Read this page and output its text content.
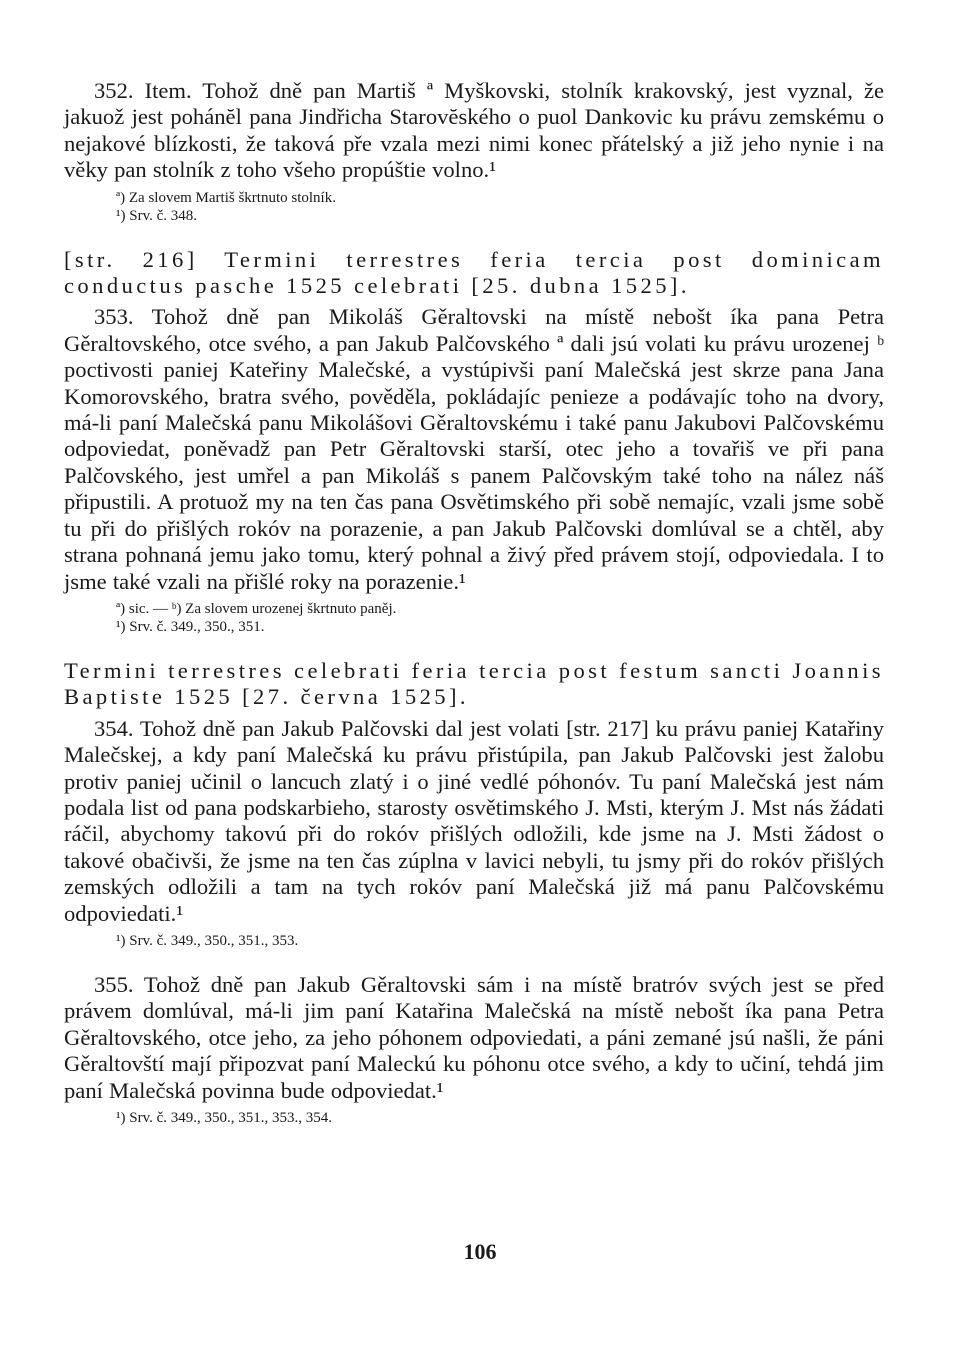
352. Item. Tohož dně pan Martiš ª Myškovski, stolník krakovský, jest vyznal, že jakuož jest pohánĕl pana Jindřicha Starovĕského o puol Dankovic ku právu zemskému o nejakové blízkosti, že taková pře vzala mezi nimi konec přátelský a již jeho nynie i na věky pan stolník z toho všeho propúštie volno.¹

ª) Za slovem Martiš škrtnuto stolník.

¹) Srv. č. 348.

[str. 216] Termini terrestres feria tercia post dominicam conductus pasche 1525 celebrati [25. dubna 1525].

353. Tohož dně pan Mikoláš Gěraltovski na místě nebošt íka pana Petra Gěraltovského, otce svého, a pan Jakub Palčovského ª dali jsú volati ku právu urozenej ᵇ poctivosti paniej Kateřiny Malečské, a vystúpivši paní Malečská jest skrze pana Jana Komorovského, bratra svého, pověděla, pokládajíc penieze a podávajíc toho na dvory, má-li paní Malečská panu Mikolášovi Gěraltovskému i také panu Jakubovi Palčovskému odpoviedat, poněvadž pan Petr Gěraltovski starší, otec jeho a tovařiš ve při pana Palčovského, jest umřel a pan Mikoláš s panem Palčovským také toho na nález náš připustili. A protuož my na ten čas pana Osvětimského při sobě nemajíc, vzali jsme sobě tu při do přišlých rokóv na porazenie, a pan Jakub Palčovski domlúval se a chtěl, aby strana pohnaná jemu jako tomu, který pohnal a živý před právem stojí, odpoviedala. I to jsme také vzali na přišlé roky na porazenie.¹

ª) sic. — ᵇ) Za slovem urozenej škrtnuto paněj.

¹) Srv. č. 349., 350., 351.

Termini terrestres celebrati feria tercia post festum sancti Joannis Baptiste 1525 [27. června 1525].

354. Tohož dně pan Jakub Palčovski dal jest volati [str. 217] ku právu paniej Katařiny Malečskej, a kdy paní Malečská ku právu přistúpila, pan Jakub Palčovski jest žalobu protiv paniej učinil o lancuch zlatý i o jiné vedlé póhonóv. Tu paní Malečská jest nám podala list od pana podskarbieho, starosty osvětimského J. Msti, kterým J. Mst nás žádati ráčil, abychomy takovú při do rokóv přišlých odložili, kde jsme na J. Msti žádost o takové obačivši, že jsme na ten čas zúplna v lavici nebyli, tu jsmy při do rokóv přišlých zemských odložili a tam na tych rokóv paní Malečská již má panu Palčovskému odpoviedati.¹

¹) Srv. č. 349., 350., 351., 353.

355. Tohož dně pan Jakub Gěraltovski sám i na místě bratróv svých jest se před právem domlúval, má-li jim paní Katařina Malečská na místě nebošt íka pana Petra Gěraltovského, otce jeho, za jeho póhonem odpoviedati, a páni zemané jsú našli, že páni Gěraltovští mají připozvat paní Maleckú ku póhonu otce svého, a kdy to učiní, tehdá jim paní Malečská povinna bude odpoviedat.¹

¹) Srv. č. 349., 350., 351., 353., 354.

106
